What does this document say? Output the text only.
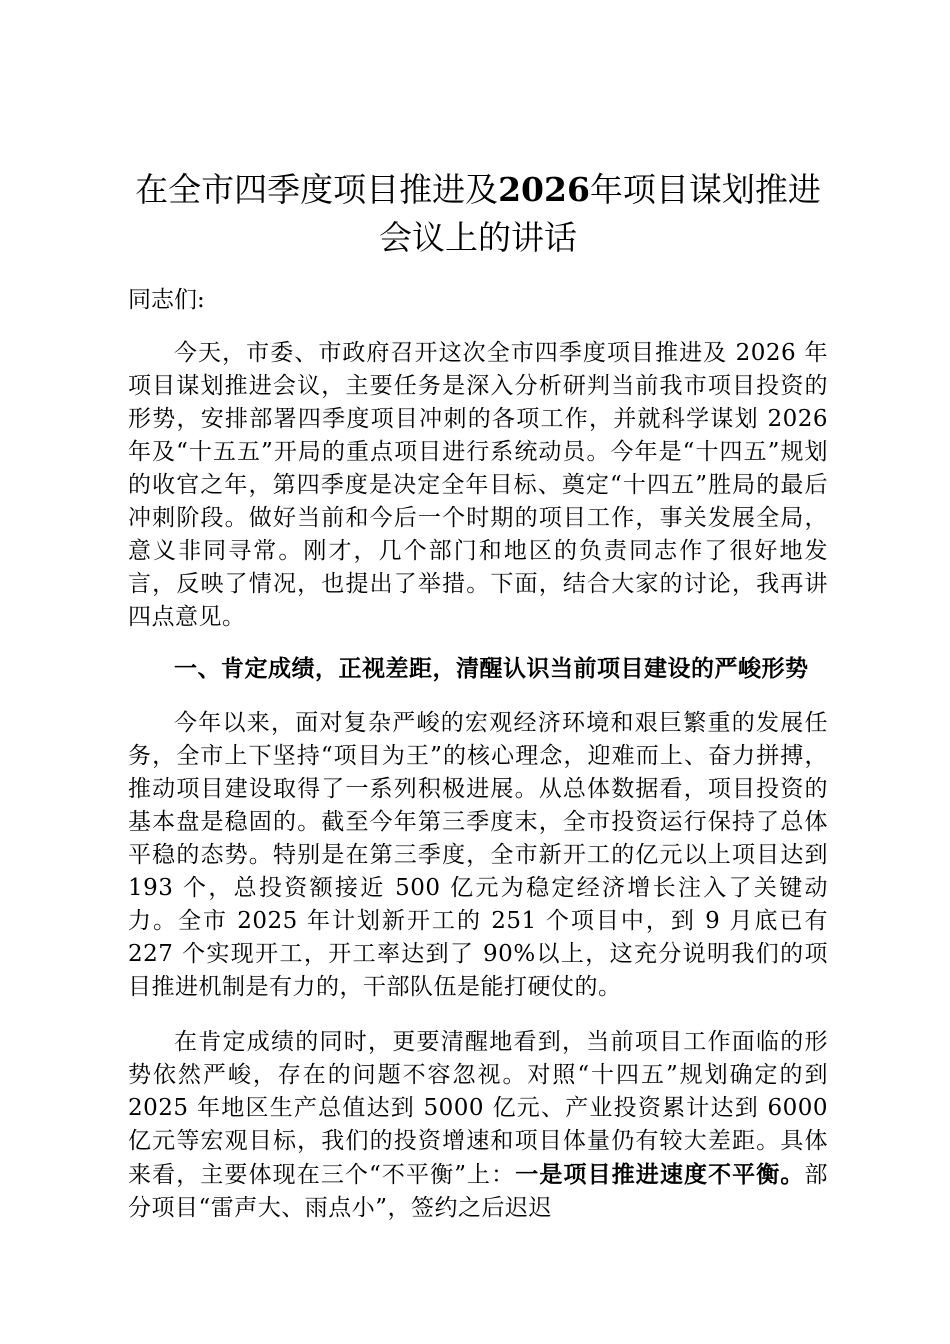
在全市四季度项目推进及2026年项目谋划推进会议上的讲话
同志们:

今天，市委、市政府召开这次全市四季度项目推进及 2026 年项目谋划推进会议，主要任务是深入分析研判当前我市项目投资的形势，安排部署四季度项目冲刺的各项工作，并就科学谋划 2026 年及“十五五”开局的重点项目进行系统动员。今年是“十四五”规划的收官之年，第四季度是决定全年目标、奠定“十四五”胜局的最后冲刺阶段。做好当前和今后一个时期的项目工作，事关发展全局，意义非同寻常。刚才，几个部门和地区的负责同志作了很好地发言，反映了情况，也提出了举措。下面，结合大家的讨论，我再讲四点意见。

一、肯定成绩，正视差距，清醒认识当前项目建设的严峻形势

今年以来，面对复杂严峻的宏观经济环境和艰巨繁重的发展任务，全市上下坚持“项目为王”的核心理念，迎难而上、奋力拼搏，推动项目建设取得了一系列积极进展。从总体数据看，项目投资的基本盘是稳固的。截至今年第三季度末，全市投资运行保持了总体平稳的态势。特别是在第三季度，全市新开工的亿元以上项目达到 193 个，总投资额接近 500 亿元为稳定经济增长注入了关键动力。全市 2025 年计划新开工的 251 个项目中，到 9 月底已有 227 个实现开工，开工率达到了 90%以上，这充分说明我们的项目推进机制是有力的，干部队伍是能打硬仗的。

在肯定成绩的同时，更要清醒地看到，当前项目工作面临的形势依然严峻，存在的问题不容忽视。对照“十四五”规划确定的到 2025 年地区生产总值达到 5000 亿元、产业投资累计达到 6000 亿元等宏观目标，我们的投资增速和项目体量仍有较大差距。具体来看，主要体现在三个“不平衡”上：一是项目推进速度不平衡。部分项目“雷声大、雨点小”，签约之后迟迟
